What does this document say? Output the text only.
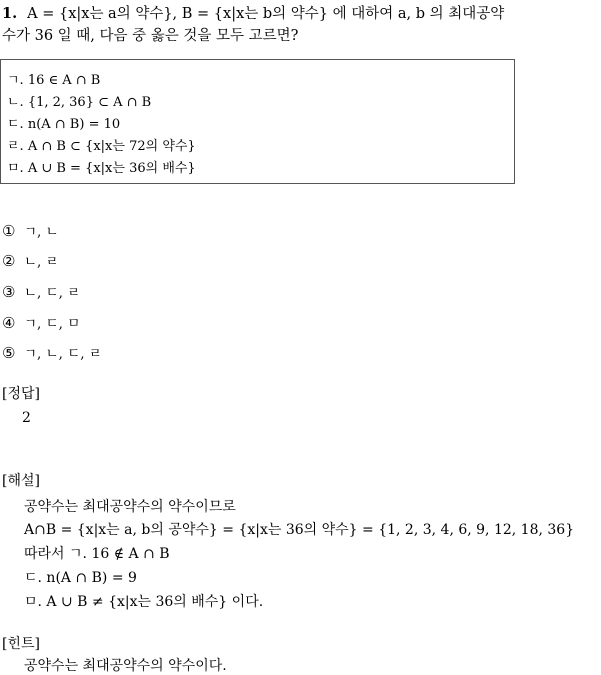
1. A = {x|x는 a의 약수}, B = {x|x는 b의 약수} 에 대하여 a, b 의 최대공약
수가 36 일 때, 다음 중 옳은 것을 모두 고르면?
ㄱ. 16 ∈ A ∩ B
ㄴ. {1, 2, 36} ⊂ A ∩ B
ㄷ. n(A ∩ B) = 10
ㄹ. A ∩ B ⊂ {x|x는 72의 약수}
ㅁ. A ∪ B = {x|x는 36의 배수}
① ㄱ, ㄴ
② ㄴ, ㄹ
③ ㄴ, ㄷ, ㄹ
④ ㄱ, ㄷ, ㅁ
⑤ ㄱ, ㄴ, ㄷ, ㄹ
[정답]
2
[해설]
공약수는 최대공약수의 약수이므로
A∩B = {x|x는 a, b의 공약수} = {x|x는 36의 약수} = {1, 2, 3, 4, 6, 9, 12, 18, 36}
따라서 ㄱ. 16 ∉ A ∩ B
ㄷ. n(A ∩ B) = 9
ㅁ. A ∪ B ≠ {x|x는 36의 배수} 이다.
[힌트]
공약수는 최대공약수의 약수이다.
